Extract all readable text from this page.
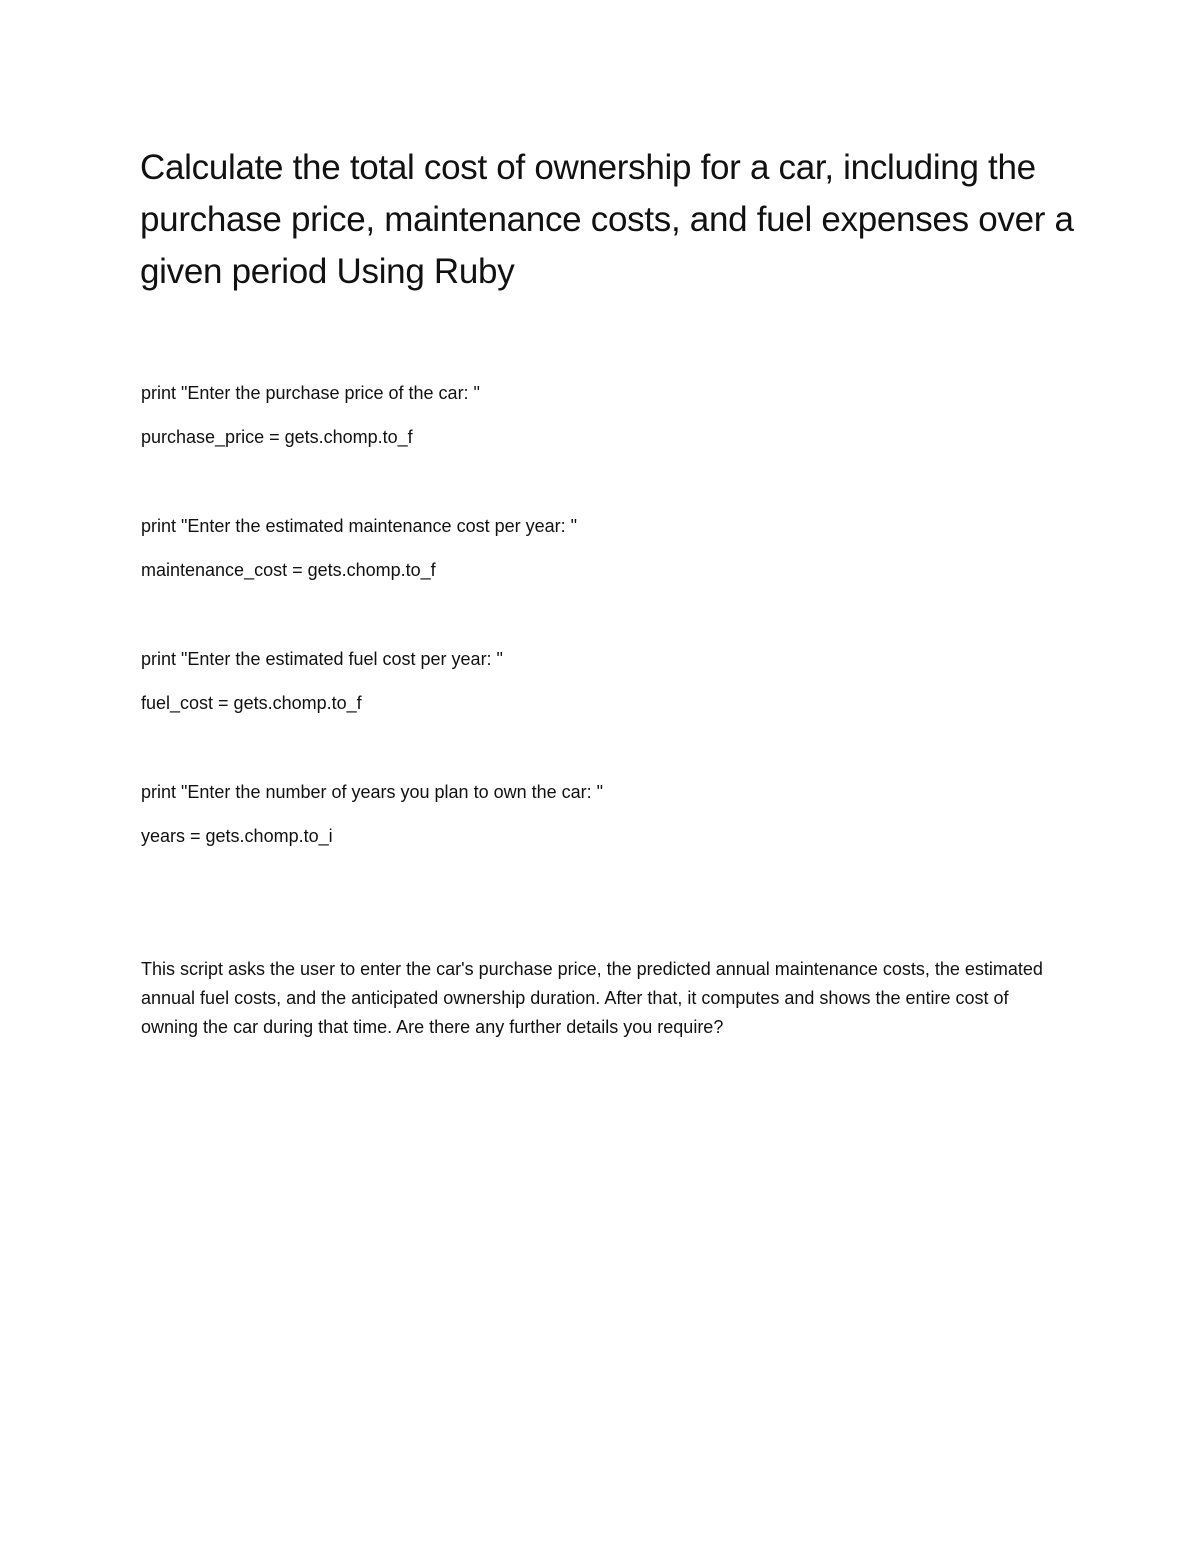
Calculate the total cost of ownership for a car, including the purchase price, maintenance costs, and fuel expenses over a given period Using Ruby

print "Enter the purchase price of the car: "

purchase_price = gets.chomp.to_f

print "Enter the estimated maintenance cost per year: "

maintenance_cost = gets.chomp.to_f

print "Enter the estimated fuel cost per year: "

fuel_cost = gets.chomp.to_f

print "Enter the number of years you plan to own the car: "

years = gets.chomp.to_i

This script asks the user to enter the car's purchase price, the predicted annual maintenance costs, the estimated annual fuel costs, and the anticipated ownership duration. After that, it computes and shows the entire cost of owning the car during that time. Are there any further details you require?
